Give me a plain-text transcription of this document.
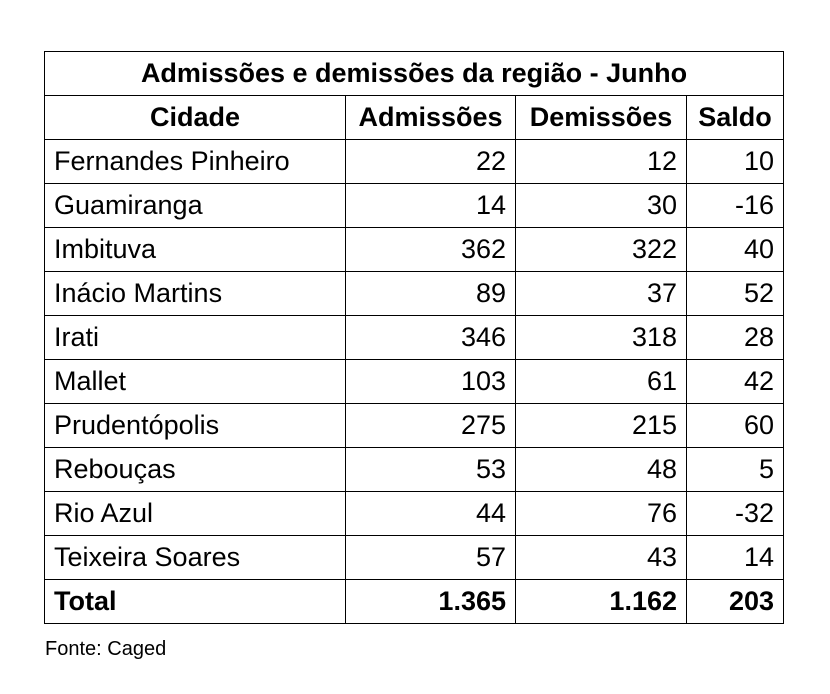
Admissões e demissões da região - Junho			
Cidade	Admissões	Demissões	Saldo
Fernandes Pinheiro	22	12	10
Guamiranga	14	30	-16
Imbituva	362	322	40
Inácio Martins	89	37	52
Irati	346	318	28
Mallet	103	61	42
Prudentópolis	275	215	60
Rebouças	53	48	5
Rio Azul	44	76	-32
Teixeira Soares	57	43	14
Total	1.365	1.162	203
Fonte: Caged
